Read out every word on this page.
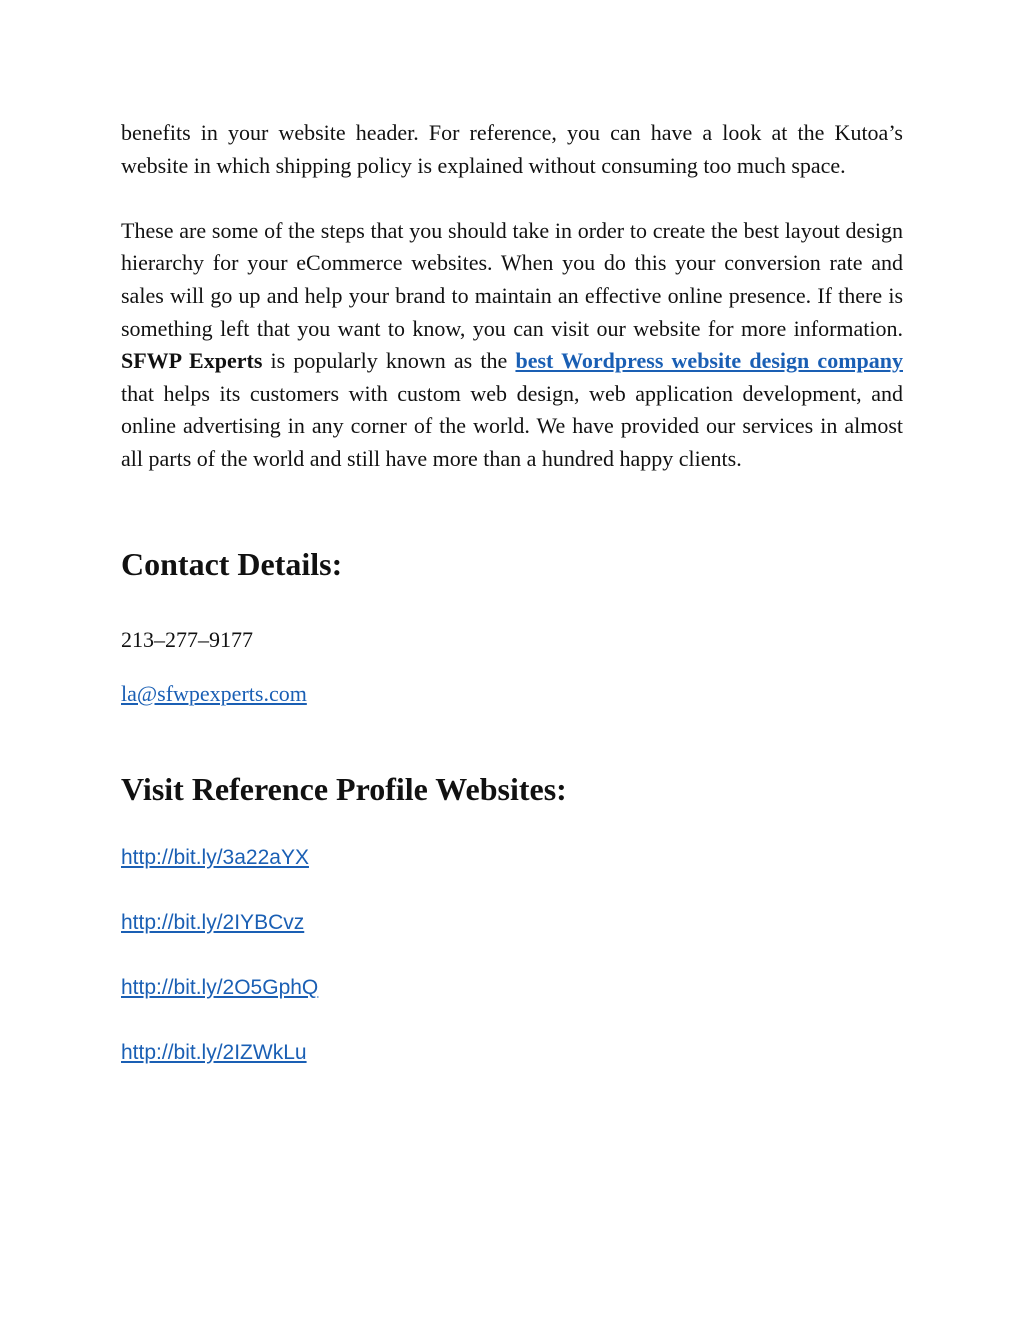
benefits in your website header. For reference, you can have a look at the Kutoa’s website in which shipping policy is explained without consuming too much space.

These are some of the steps that you should take in order to create the best layout design hierarchy for your eCommerce websites. When you do this your conversion rate and sales will go up and help your brand to maintain an effective online presence. If there is something left that you want to know, you can visit our website for more information. SFWP Experts is popularly known as the best Wordpress website design company that helps its customers with custom web design, web application development, and online advertising in any corner of the world. We have provided our services in almost all parts of the world and still have more than a hundred happy clients.

Contact Details:
213–277–9177
la@sfwpexperts.com
Visit Reference Profile Websites:
http://bit.ly/3a22aYX
http://bit.ly/2IYBCvz
http://bit.ly/2O5GphQ
http://bit.ly/2IZWkLu
